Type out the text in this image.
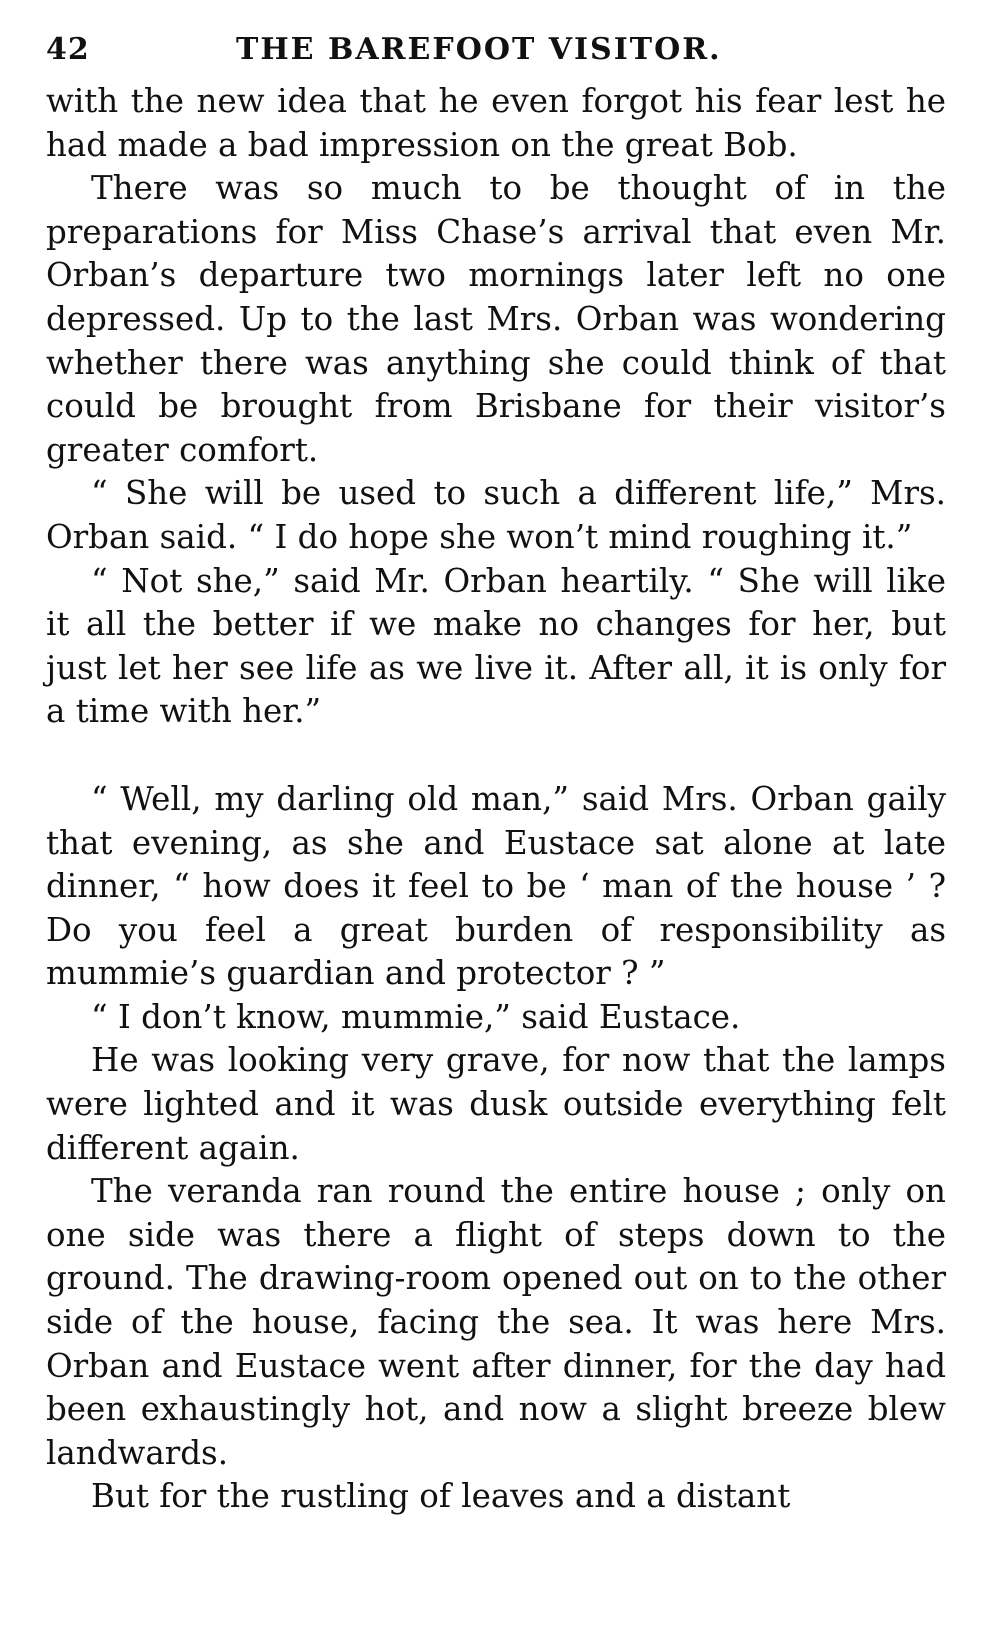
42	THE BAREFOOT VISITOR.

with the new idea that he even forgot his fear lest he had made a bad impression on the great Bob.

There was so much to be thought of in the preparations for Miss Chase’s arrival that even Mr. Orban’s departure two mornings later left no one depressed. Up to the last Mrs. Orban was wondering whether there was anything she could think of that could be brought from Brisbane for their visitor’s greater comfort.

“ She will be used to such a different life,” Mrs. Orban said. “ I do hope she won’t mind roughing it.”

“ Not she,” said Mr. Orban heartily. “ She will like it all the better if we make no changes for her, but just let her see life as we live it. After all, it is only for a time with her.”

“ Well, my darling old man,” said Mrs. Orban gaily that evening, as she and Eustace sat alone at late dinner, “ how does it feel to be ‘ man of the house ’ ? Do you feel a great burden of responsibility as mummie’s guardian and protector ? ”

“ I don’t know, mummie,” said Eustace.

He was looking very grave, for now that the lamps were lighted and it was dusk outside everything felt different again.

The veranda ran round the entire house ; only on one side was there a flight of steps down to the ground. The drawing-room opened out on to the other side of the house, facing the sea. It was here Mrs. Orban and Eustace went after dinner, for the day had been exhaustingly hot, and now a slight breeze blew landwards.

But for the rustling of leaves and a distant
